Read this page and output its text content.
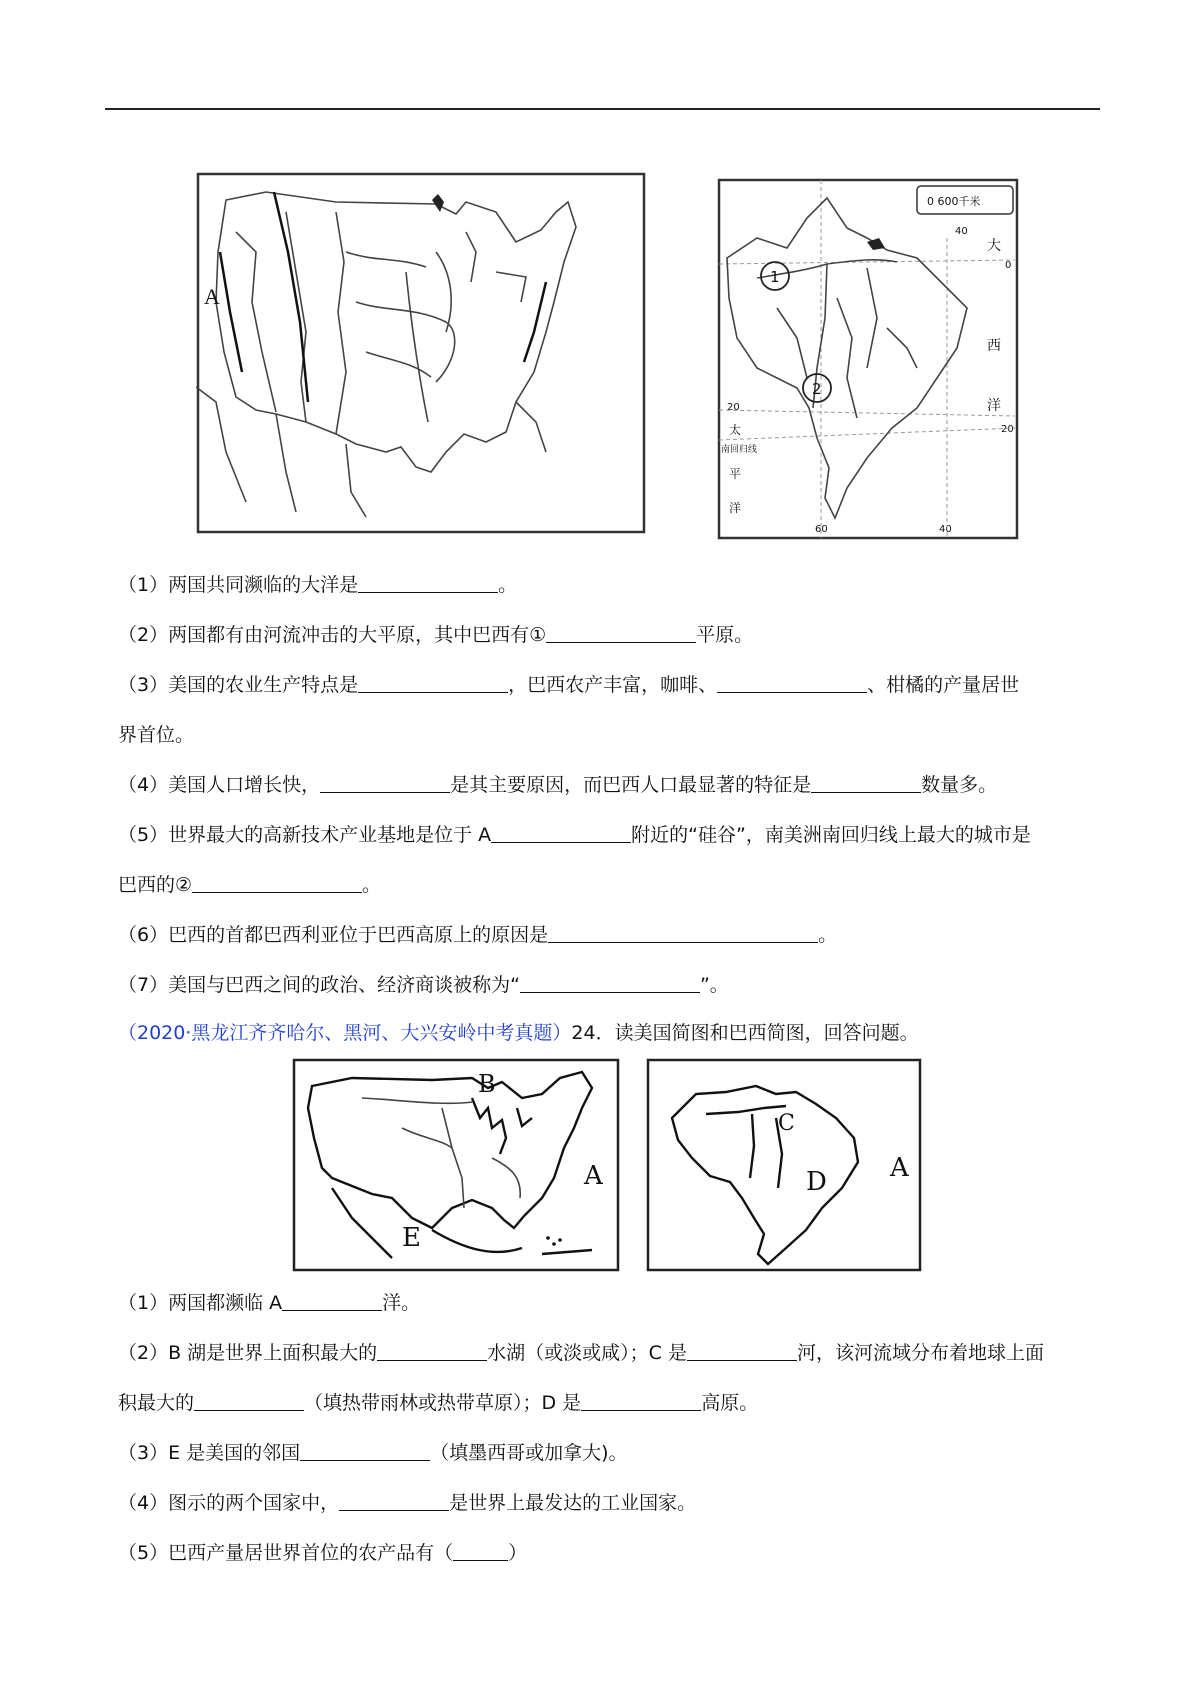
A
0 600千米
40
大
西
洋
0
20
20
太
南回归线
平
洋
60	40
1
2
（1）两国共同濒临的大洋是	。
（2）两国都有由河流冲击的大平原，其中巴西有①	平原。
（3）美国的农业生产特点是	，巴西农产丰富，咖啡、	、柑橘的产量居世
界首位。
（4）美国人口增长快，	是其主要原因，而巴西人口最显著的特征是	数量多。
（5）世界最大的高新技术产业基地是位于 A	附近的“硅谷”，南美洲南回归线上最大的城市是
巴西的②	。
（6）巴西的首都巴西利亚位于巴西高原上的原因是	。
（7）美国与巴西之间的政治、经济商谈被称为“	”。
（2020·黑龙江齐齐哈尔、黑河、大兴安岭中考真题）24．读美国简图和巴西简图，回答问题。
B
A
E
C
D A
（1）两国都濒临 A	洋。
（2）B 湖是世界上面积最大的	水湖（或淡或咸）；C 是	河，该河流域分布着地球上面
积最大的	（填热带雨林或热带草原）；D 是	高原。
（3）E 是美国的邻国	（填墨西哥或加拿大)。
（4）图示的两个国家中，	是世界上最发达的工业国家。
（5）巴西产量居世界首位的农产品有（	）
